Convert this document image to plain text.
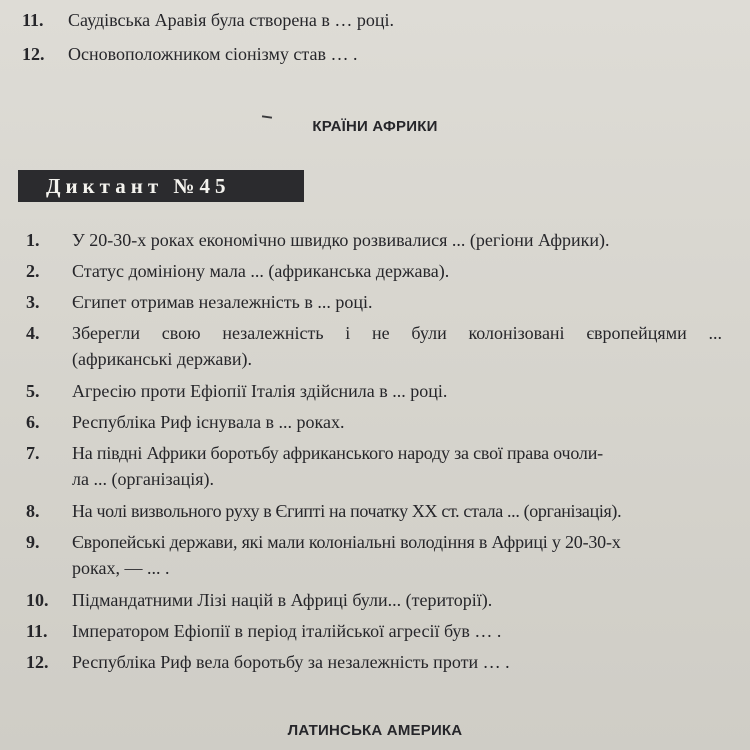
11. Саудівська Аравія була створена в … році.
12. Основоположником сіонізму став … .
КРАЇНИ АФРИКИ
Диктант №45
1. У 20-30-х роках економічно швидко розвивалися ... (регіони Африки).
2. Статус домініону мала ... (африканська держава).
3. Єгипет отримав незалежність в ... році.
4. Зберегли свою незалежність і не були колонізовані європейцями ...
(африканські держави).
5. Агресію проти Ефіопії Італія здійснила в ... році.
6. Республіка Риф існувала в ... роках.
7. На півдні Африки боротьбу африканського народу за свої права очоли-
ла ... (організація).
8. На чолі визвольного руху в Єгипті на початку XX ст. стала ... (організація).
9. Європейські держави, які мали колоніальні володіння в Африці у 20-30-х
роках, — ... .
10. Підмандатними Лізі націй в Африці були... (території).
11. Імператором Ефіопії в період італійської агресії був … .
12. Республіка Риф вела боротьбу за незалежність проти … .
ЛАТИНСЬКА АМЕРИКА
